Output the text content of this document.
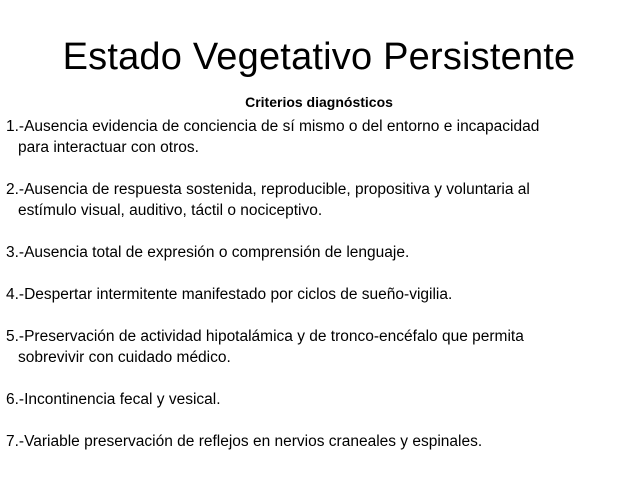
Estado Vegetativo Persistente
Criterios diagnósticos
1.-Ausencia evidencia de conciencia de sí mismo o del entorno e incapacidad
para interactuar con otros.
2.-Ausencia de respuesta sostenida, reproducible, propositiva y voluntaria al
estímulo visual, auditivo, táctil o nociceptivo.
3.-Ausencia total de expresión o comprensión de lenguaje.
4.-Despertar intermitente manifestado por ciclos de sueño-vigilia.
5.-Preservación de actividad hipotalámica y de tronco-encéfalo que permita
sobrevivir con cuidado médico.
6.-Incontinencia fecal y vesical.
7.-Variable preservación de reflejos en nervios craneales y espinales.
